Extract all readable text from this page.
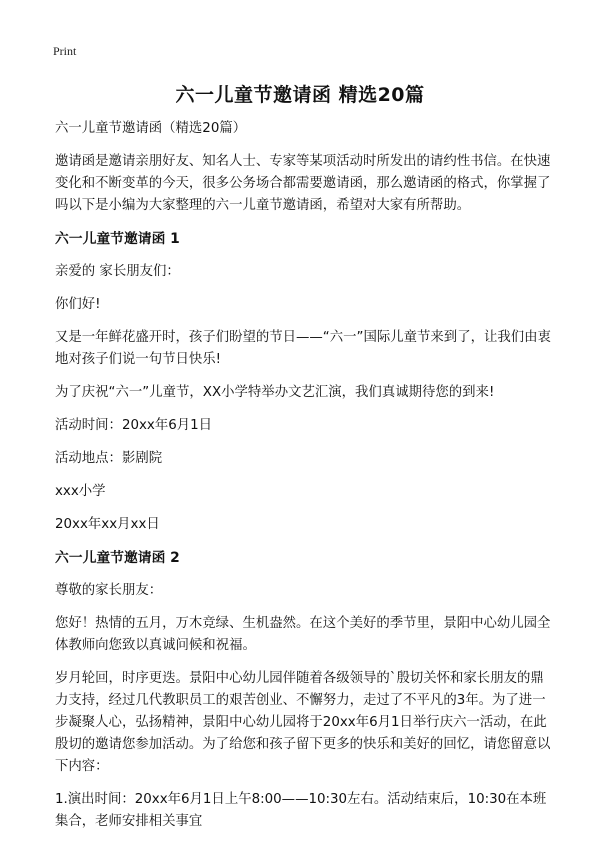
Print
六一儿童节邀请函 精选20篇

六一儿童节邀请函（精选20篇）

邀请函是邀请亲朋好友、知名人士、专家等某项活动时所发出的请约性书信。在快速变化和不断变革的今天，很多公务场合都需要邀请函，那么邀请函的格式，你掌握了吗以下是小编为大家整理的六一儿童节邀请函，希望对大家有所帮助。

六一儿童节邀请函 1

亲爱的 家长朋友们：

你们好!

又是一年鲜花盛开时，孩子们盼望的节日——“六一”国际儿童节来到了，让我们由衷地对孩子们说一句节日快乐!

为了庆祝“六一”儿童节，XX小学特举办文艺汇演，我们真诚期待您的到来!

活动时间：20xx年6月1日

活动地点：影剧院

xxx小学

20xx年xx月xx日

六一儿童节邀请函 2

尊敬的家长朋友：

您好！热情的五月，万木竞绿、生机盎然。在这个美好的季节里，景阳中心幼儿园全体教师向您致以真诚问候和祝福。

岁月轮回，时序更迭。景阳中心幼儿园伴随着各级领导的`殷切关怀和家长朋友的鼎力支持，经过几代教职员工的艰苦创业、不懈努力，走过了不平凡的3年。为了进一步凝聚人心，弘扬精神，景阳中心幼儿园将于20xx年6月1日举行庆六一活动，在此殷切的邀请您参加活动。为了给您和孩子留下更多的快乐和美好的回忆，请您留意以下内容：

1.演出时间：20xx年6月1日上午8:00——10:30左右。活动结束后，10:30在本班集合，老师安排相关事宜
